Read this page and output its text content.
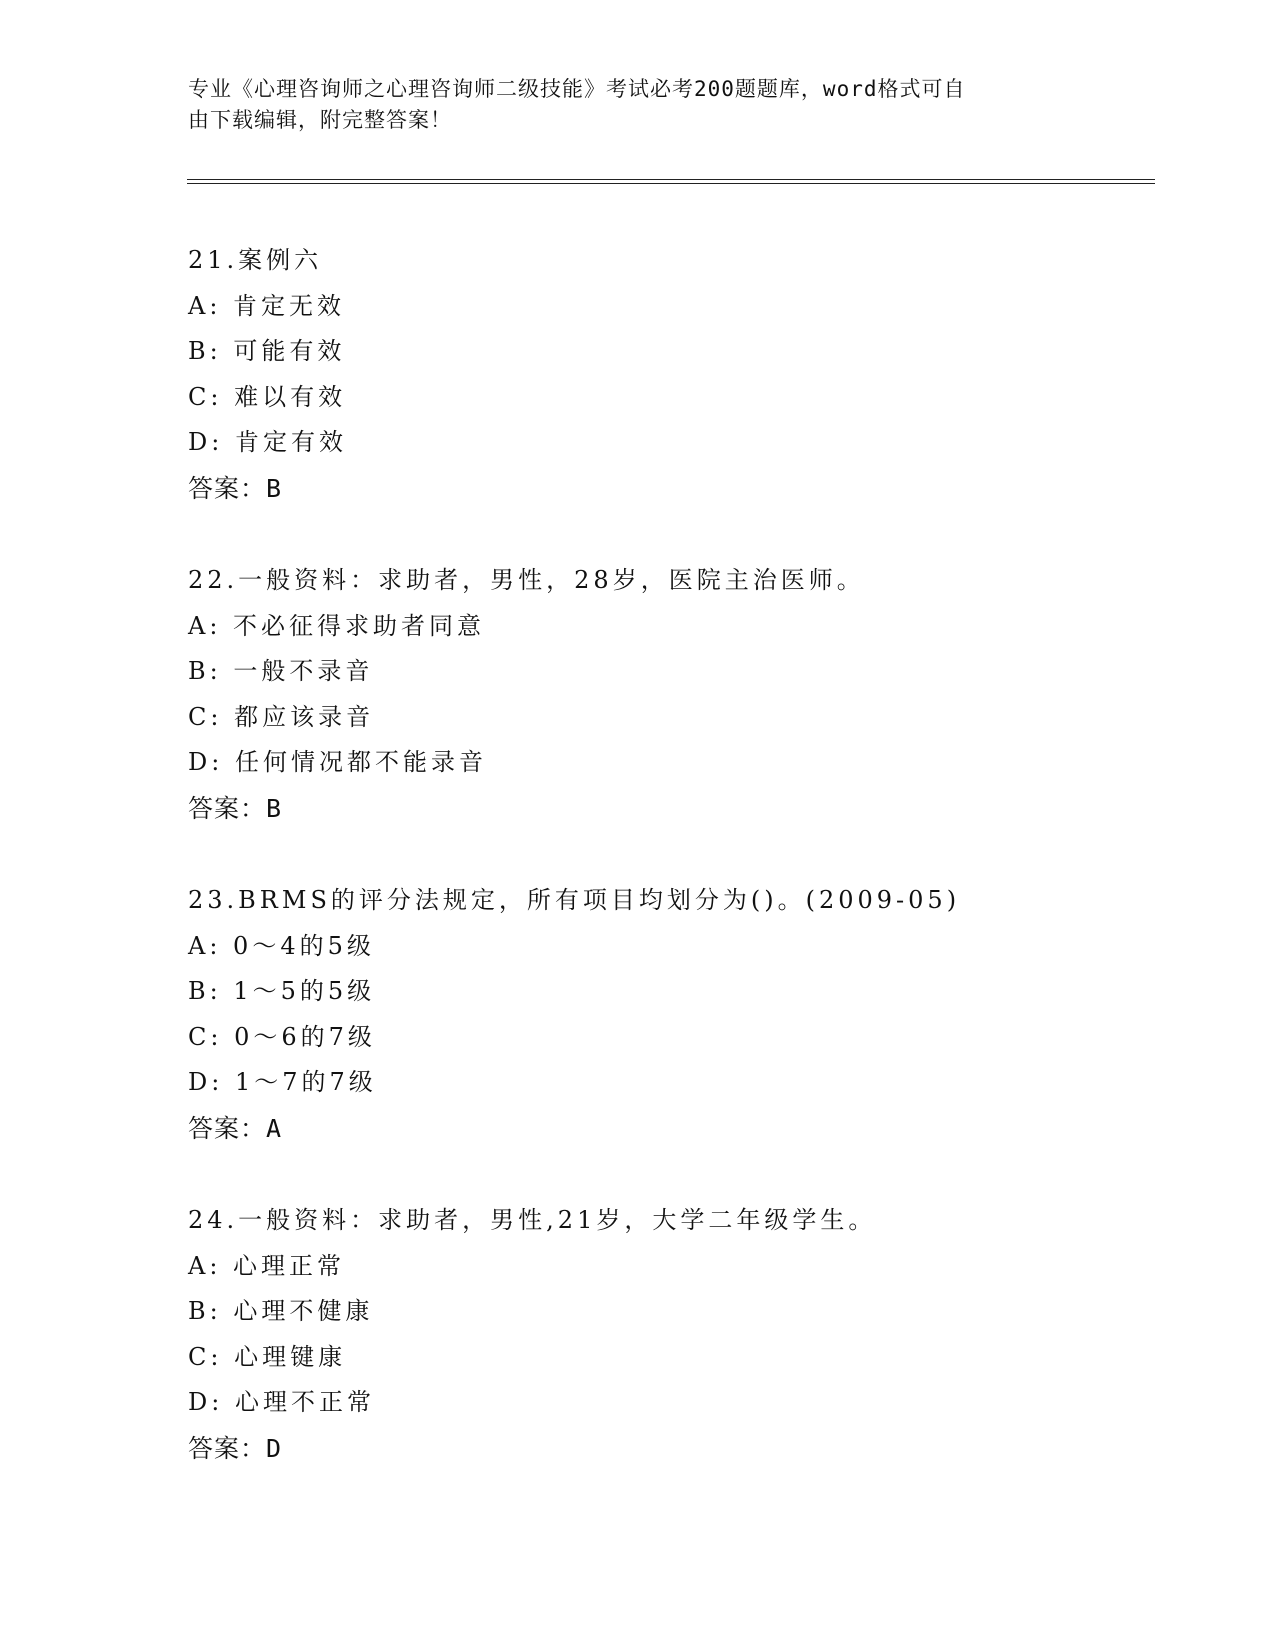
专业《心理咨询师之心理咨询师二级技能》考试必考200题题库，word格式可自

由下载编辑，附完整答案！

21.案例六
A: 肯定无效
B: 可能有效
C: 难以有效
D: 肯定有效
答案：B
22.一般资料：求助者，男性，28岁，医院主治医师。
A: 不必征得求助者同意
B: 一般不录音
C: 都应该录音
D: 任何情况都不能录音
答案：B
23.BRMS的评分法规定，所有项目均划分为()。(2009-05)
A: 0～4的5级
B: 1～5的5级
C: 0～6的7级
D: 1～7的7级
答案：A
24.一般资料：求助者，男性,21岁，大学二年级学生。
A: 心理正常
B: 心理不健康
C: 心理键康
D: 心理不正常
答案：D
